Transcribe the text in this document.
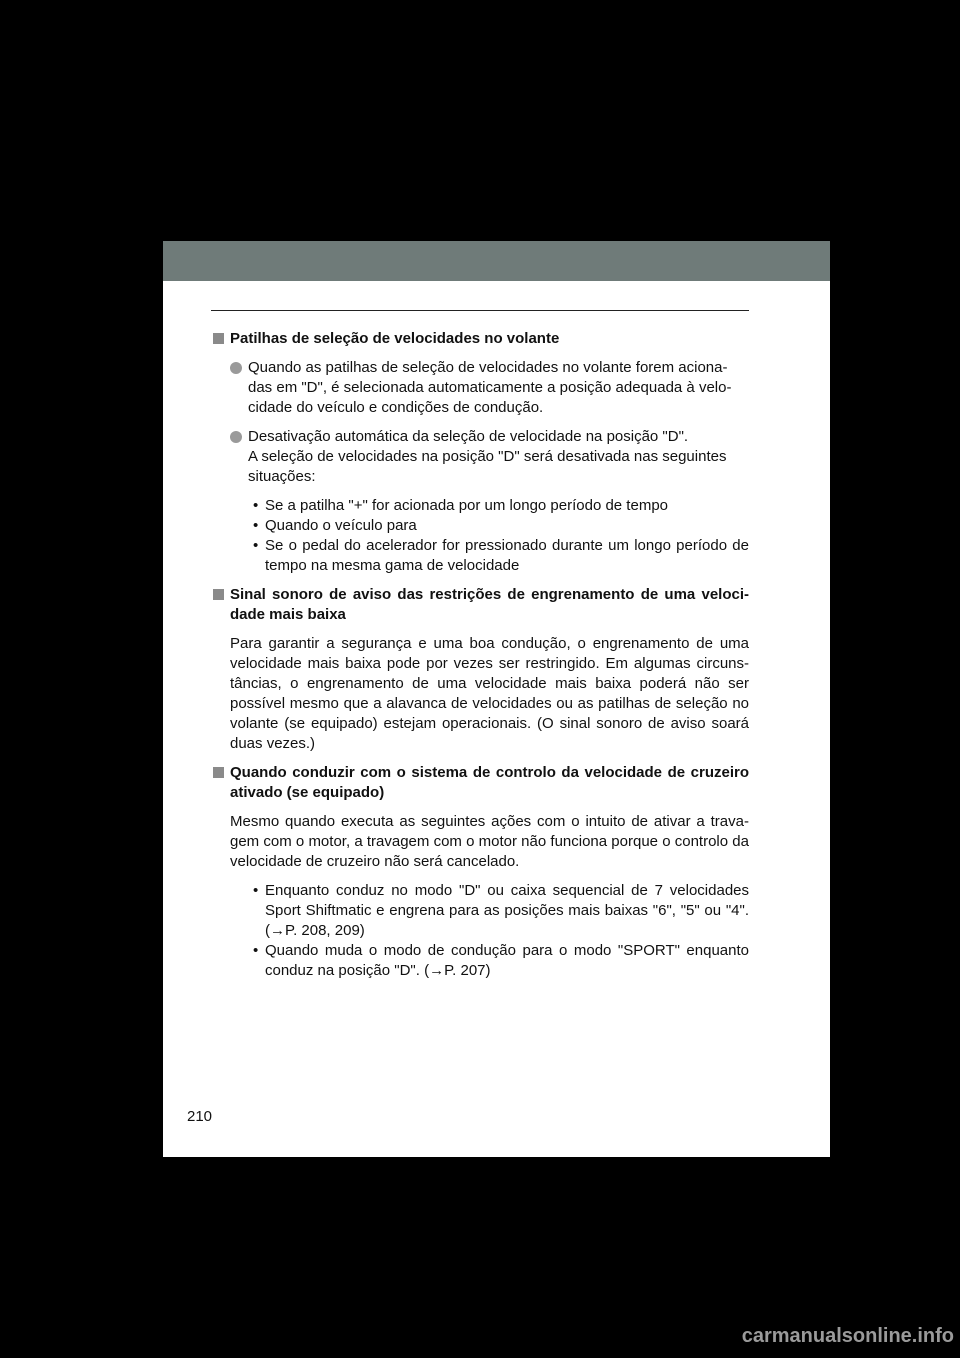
Patilhas de seleção de velocidades no volante
Quando as patilhas de seleção de velocidades no volante forem aciona-das em "D", é selecionada automaticamente a posição adequada à velo-cidade do veículo e condições de condução.
Desativação automática da seleção de velocidade na posição "D".
A seleção de velocidades na posição "D" será desativada nas seguintes situações:
• Se a patilha "+" for acionada por um longo período de tempo
• Quando o veículo para
• Se o pedal do acelerador for pressionado durante um longo período de tempo na mesma gama de velocidade
Sinal sonoro de aviso das restrições de engrenamento de uma veloci-dade mais baixa
Para garantir a segurança e uma boa condução, o engrenamento de uma velocidade mais baixa pode por vezes ser restringido. Em algumas circuns-tâncias, o engrenamento de uma velocidade mais baixa poderá não ser possível mesmo que a alavanca de velocidades ou as patilhas de seleção no volante (se equipado) estejam operacionais. (O sinal sonoro de aviso soará duas vezes.)
Quando conduzir com o sistema de controlo da velocidade de cruzeiro ativado (se equipado)
Mesmo quando executa as seguintes ações com o intuito de ativar a trava-gem com o motor, a travagem com o motor não funciona porque o controlo da velocidade de cruzeiro não será cancelado.
• Enquanto conduz no modo "D" ou caixa sequencial de 7 velocidades Sport Shiftmatic e engrena para as posições mais baixas "6", "5" ou "4". (→P. 208, 209)
• Quando muda o modo de condução para o modo "SPORT" enquanto conduz na posição "D". (→P. 207)
210
carmanualsonline.info
